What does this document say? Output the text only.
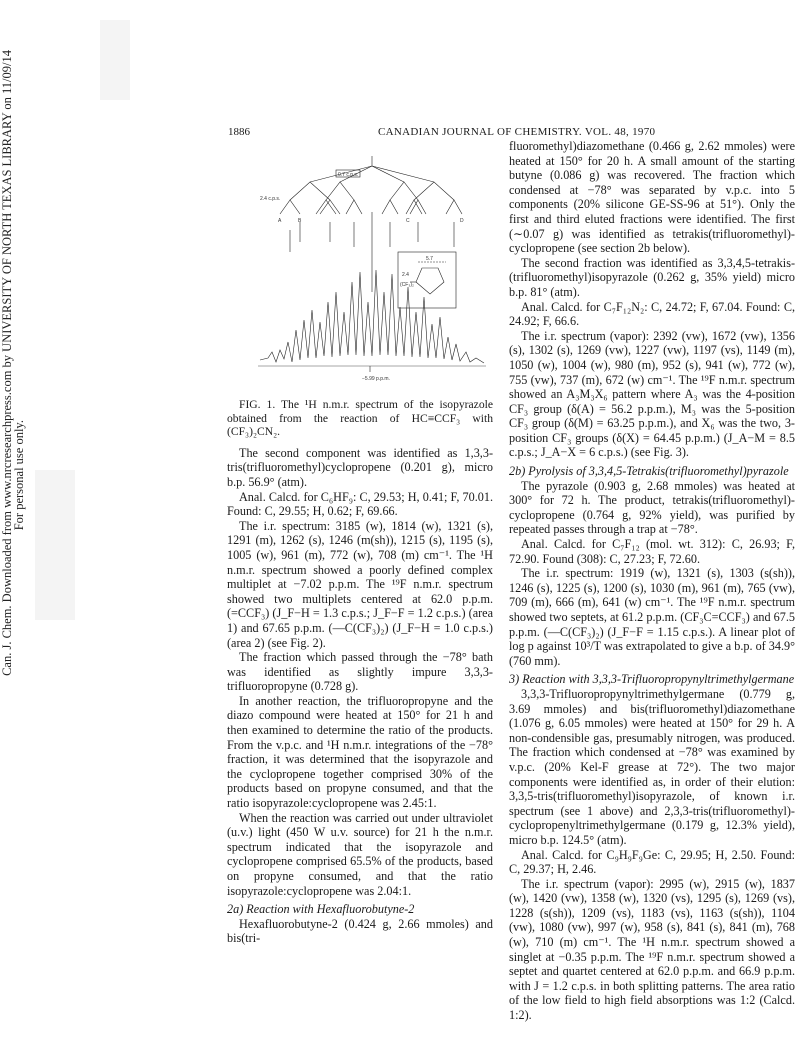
Can. J. Chem. Downloaded from www.nrcresearchpress.com by UNIVERSITY OF NORTH TEXAS LIBRARY on 11/09/14
For personal use only.
1886	CANADIAN JOURNAL OF CHEMISTRY. VOL. 48, 1970
0.7 c.p.s.
2.4 c.p.s.
−5.99 p.p.m.
5.7
2.4
(CF₃)₂
A	B	C	D

FIG. 1. The ¹H n.m.r. spectrum of the isopyrazole obtained from the reaction of HC≡CCF₃ with (CF₃)₂CN₂.

The second component was identified as 1,3,3-tris(trifluoromethyl)cyclopropene (0.201 g), micro b.p. 56.9° (atm).

Anal. Calcd. for C₆HF₉: C, 29.53; H, 0.41; F, 70.01. Found: C, 29.55; H, 0.62; F, 69.66.

The i.r. spectrum: 3185 (w), 1814 (w), 1321 (s), 1291 (m), 1262 (s), 1246 (m(sh)), 1215 (s), 1195 (s), 1005 (w), 961 (m), 772 (w), 708 (m) cm⁻¹. The ¹H n.m.r. spectrum showed a poorly defined complex multiplet at −7.02 p.p.m. The ¹⁹F n.m.r. spectrum showed two multiplets centered at 62.0 p.p.m. (=CCF₃) (J_F−H = 1.3 c.p.s.; J_F−F = 1.2 c.p.s.) (area 1) and 67.65 p.p.m. (—C(CF₃)₂) (J_F−H = 1.0 c.p.s.) (area 2) (see Fig. 2).

The fraction which passed through the −78° bath was identified as slightly impure 3,3,3-trifluoropropyne (0.728 g).

In another reaction, the trifluoropropyne and the diazo compound were heated at 150° for 21 h and then examined to determine the ratio of the products. From the v.p.c. and ¹H n.m.r. integrations of the −78° fraction, it was determined that the isopyrazole and the cyclopropene together comprised 30% of the products based on propyne consumed, and that the ratio isopyrazole:cyclopropene was 2.45:1.

When the reaction was carried out under ultraviolet (u.v.) light (450 W u.v. source) for 21 h the n.m.r. spectrum indicated that the isopyrazole and cyclopropene comprised 65.5% of the products, based on propyne consumed, and that the ratio isopyrazole:cyclopropene was 2.04:1.

2a) Reaction with Hexafluorobutyne-2

Hexafluorobutyne-2 (0.424 g, 2.66 mmoles) and bis(tri-

fluoromethyl)diazomethane (0.466 g, 2.62 mmoles) were heated at 150° for 20 h. A small amount of the starting butyne (0.086 g) was recovered. The fraction which condensed at −78° was separated by v.p.c. into 5 components (20% silicone GE-SS-96 at 51°). Only the first and third eluted fractions were identified. The first (∼0.07 g) was identified as tetrakis(trifluoromethyl)-cyclopropene (see section 2b below).

The second fraction was identified as 3,3,4,5-tetrakis-(trifluoromethyl)isopyrazole (0.262 g, 35% yield) micro b.p. 81° (atm).

Anal. Calcd. for C₇F₁₂N₂: C, 24.72; F, 67.04. Found: C, 24.92; F, 66.6.

The i.r. spectrum (vapor): 2392 (vw), 1672 (vw), 1356 (s), 1302 (s), 1269 (vw), 1227 (vw), 1197 (vs), 1149 (m), 1050 (w), 1004 (w), 980 (m), 952 (s), 941 (w), 772 (w), 755 (vw), 737 (m), 672 (w) cm⁻¹. The ¹⁹F n.m.r. spectrum showed an A₃M₃X₆ pattern where A₃ was the 4-position CF₃ group (δ(A) = 56.2 p.p.m.), M₃ was the 5-position CF₃ group (δ(M) = 63.25 p.p.m.), and X₆ was the two, 3-position CF₃ groups (δ(X) = 64.45 p.p.m.) (J_A−M = 8.5 c.p.s.; J_A−X = 6 c.p.s.) (see Fig. 3).

2b) Pyrolysis of 3,3,4,5-Tetrakis(trifluoromethyl)pyrazole

The pyrazole (0.903 g, 2.68 mmoles) was heated at 300° for 72 h. The product, tetrakis(trifluoromethyl)-cyclopropene (0.764 g, 92% yield), was purified by repeated passes through a trap at −78°.

Anal. Calcd. for C₇F₁₂ (mol. wt. 312): C, 26.93; F, 72.90. Found (308): C, 27.23; F, 72.60.

The i.r. spectrum: 1919 (w), 1321 (s), 1303 (s(sh)), 1246 (s), 1225 (s), 1200 (s), 1030 (m), 961 (m), 765 (vw), 709 (m), 666 (m), 641 (w) cm⁻¹. The ¹⁹F n.m.r. spectrum showed two septets, at 61.2 p.p.m. (CF₃C=CCF₃) and 67.5 p.p.m. (—C(CF₃)₂) (J_F−F = 1.15 c.p.s.). A linear plot of log p against 10³/T was extrapolated to give a b.p. of 34.9° (760 mm).

3) Reaction with 3,3,3-Trifluoropropynyltrimethylgermane

3,3,3-Trifluoropropynyltrimethylgermane (0.779 g, 3.69 mmoles) and bis(trifluoromethyl)diazomethane (1.076 g, 6.05 mmoles) were heated at 150° for 29 h. A non-condensible gas, presumably nitrogen, was produced. The fraction which condensed at −78° was examined by v.p.c. (20% Kel-F grease at 72°). The two major components were identified as, in order of their elution: 3,3,5-tris(trifluoromethyl)isopyrazole, of known i.r. spectrum (see 1 above) and 2,3,3-tris(trifluoromethyl)-cyclopropenyltrimethylgermane (0.179 g, 12.3% yield), micro b.p. 124.5° (atm).

Anal. Calcd. for C₉H₉F₉Ge: C, 29.95; H, 2.50. Found: C, 29.37; H, 2.46.

The i.r. spectrum (vapor): 2995 (w), 2915 (w), 1837 (w), 1420 (vw), 1358 (w), 1320 (vs), 1295 (s), 1269 (vs), 1228 (s(sh)), 1209 (vs), 1183 (vs), 1163 (s(sh)), 1104 (vw), 1080 (vw), 997 (w), 958 (s), 841 (s), 841 (m), 768 (w), 710 (m) cm⁻¹. The ¹H n.m.r. spectrum showed a singlet at −0.35 p.p.m. The ¹⁹F n.m.r. spectrum showed a septet and quartet centered at 62.0 p.p.m. and 66.9 p.p.m. with J = 1.2 c.p.s. in both splitting patterns. The area ratio of the low field to high field absorptions was 1:2 (Calcd. 1:2).
